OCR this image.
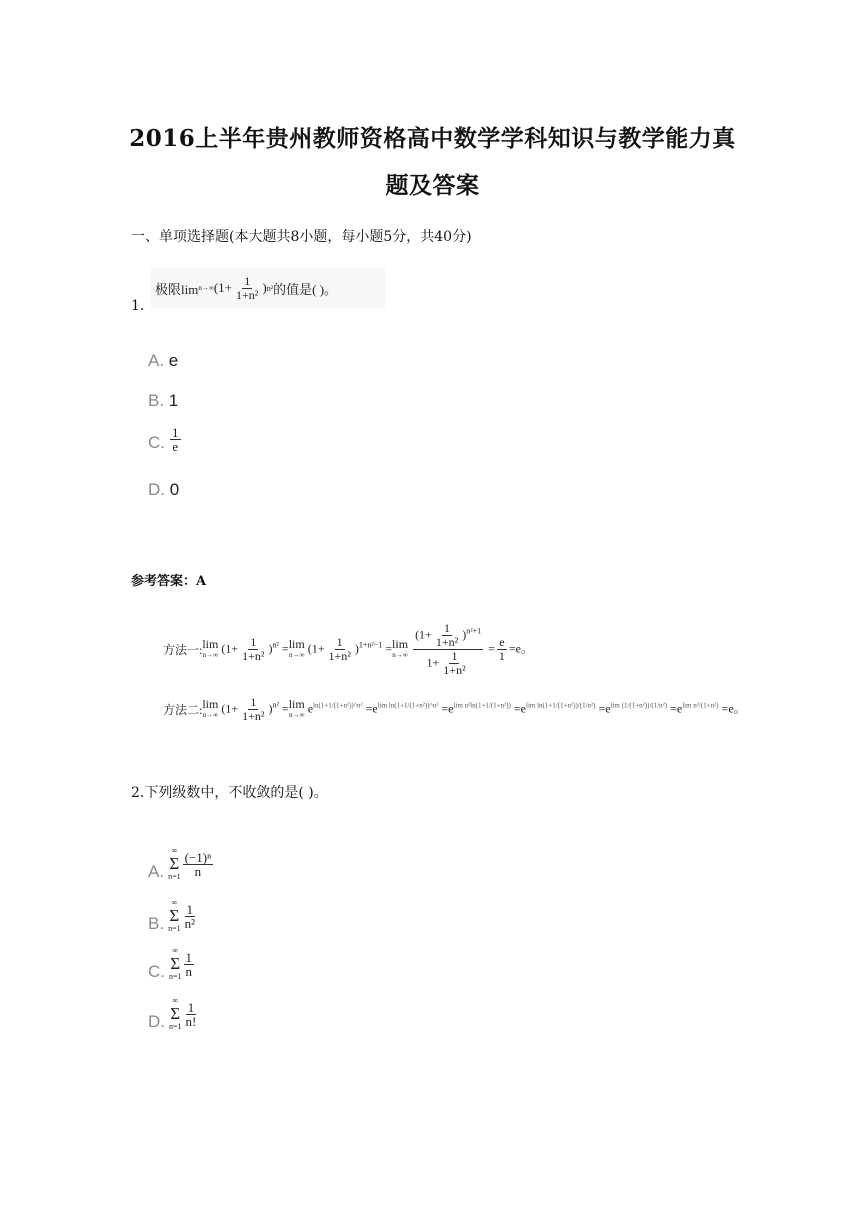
2016上半年贵州教师资格高中数学学科知识与教学能力真
题及答案
一、单项选择题(本大题共8小题，每小题5分，共40分)
1.
极限lim n→∞ ($1+ \frac{1}{\text{1+n²}}$ ) n² 的值是( )。
A. e
B. 1
C. $\frac{1}{e}$
D. 0
参考答案：A
方法一: lim
n→∞ $(1+ \frac{1}{\text{1+n²}} )^{n^2} = \lim$
n→∞ $(1+ \frac{1}{\text{1+n²}} )^{1+n^2-1} = \lim$
n→∞
$\frac{(1+ \frac{1}{\text{1+n²}} )^{n^2+1}}{1+ \frac{1}{\text{1+n²}}} = \frac{e}{1} =e$。
方法二: lim
n→∞ $(1+ \frac{1}{\text{1+n²}} )^{n^2} = \lim$
n→∞ $e^{ln(1+1/(1+n^2))\^{}n^2} =e^{lim ln(1+1/(1+n^2))\^{}n^2} =e^{lim n^2ln(1+1/(1+n^2))} =e^{lim ln(1+1/(1+n^2))/(1/n^2)} =e^{lim (1/(1+n^2))/(1/n^2)} =e^{lim n^2/(1+n^2)} =e$。
2.下列级数中，不收敛的是( )。
A.
∞
Σ
$n=1 \frac{\text{(−1)ⁿ}}{n}$
B.
∞
Σ
$n=1 \frac{1}{\text{n²}}$
C.
∞
Σ
$n=1 \frac{1}{n}$
D.
∞
Σ
$n=1 \frac{1}{n!}$
